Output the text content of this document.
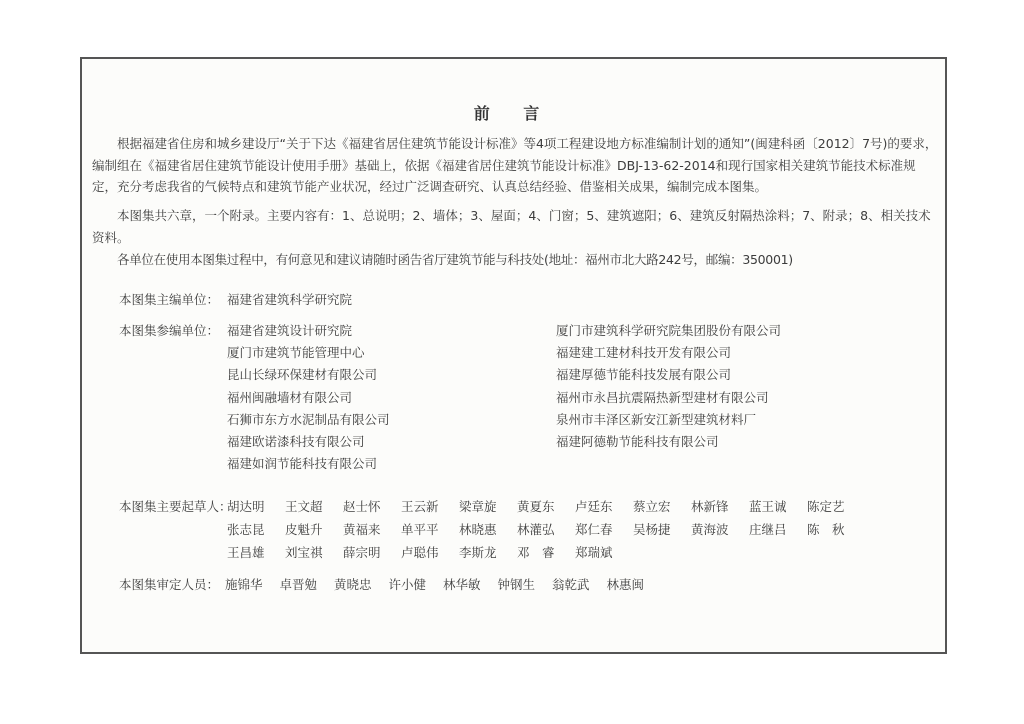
前 言

根据福建省住房和城乡建设厅“关于下达《福建省居住建筑节能设计标准》等4项工程建设地方标准编制计划的通知”(闽建科函〔2012〕7号)的要求，编制组在《福建省居住建筑节能设计使用手册》基础上，依据《福建省居住建筑节能设计标准》DBJ-13-62-2014和现行国家相关建筑节能技术标准规定，充分考虑我省的气候特点和建筑节能产业状况，经过广泛调查研究、认真总结经验、借鉴相关成果，编制完成本图集。

本图集共六章，一个附录。主要内容有：1、总说明；2、墙体；3、屋面；4、门窗；5、建筑遮阳；6、建筑反射隔热涂料；7、附录；8、相关技术资料。

各单位在使用本图集过程中，有何意见和建议请随时函告省厅建筑节能与科技处(地址：福州市北大路242号，邮编：350001)

本图集主编单位： 福建省建筑科学研究院
本图集参编单位：
本图集主要起草人：
本图集审定人员：
福建省建筑设计研究院
厦门市建筑节能管理中心
昆山长绿环保建材有限公司
福州闽融墙材有限公司
石狮市东方水泥制品有限公司
福建欧诺漆科技有限公司
福建如润节能科技有限公司
厦门市建筑科学研究院集团股份有限公司
福建建工建材科技开发有限公司
福建厚德节能科技发展有限公司
福州市永昌抗震隔热新型建材有限公司
泉州市丰泽区新安江新型建筑材料厂
福建阿德勒节能科技有限公司
胡达明 王文超 赵士怀 王云新 梁章旋 黄夏东 卢廷东 蔡立宏 林新锋 蓝王诚 陈定艺
张志昆 皮魁升 黄福来 单平平 林晓惠 林灌弘 郑仁春 吴杨捷 黄海波 庄继吕 陈　秋
王昌雄 刘宝祺 薛宗明 卢聪伟 李斯龙 邓　睿 郑瑞斌
施锦华 卓晋勉 黄晓忠 许小健 林华敏 钟钢生 翁乾武 林惠闽
